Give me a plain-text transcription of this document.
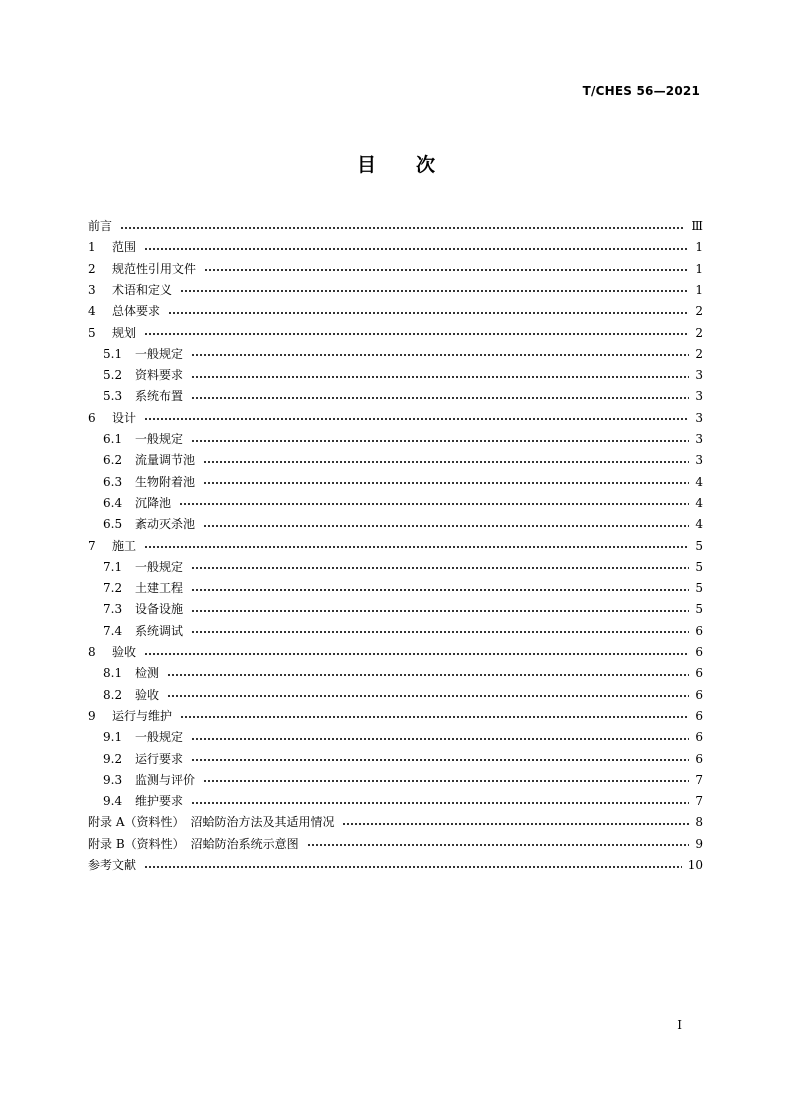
T/CHES 56—2021
目次
前言	Ⅲ
1 范围	1
2 规范性引用文件	1
3 术语和定义	1
4 总体要求	2
5 规划	2
5.1 一般规定	2
5.2 资料要求	3
5.3 系统布置	3
6 设计	3
6.1 一般规定	3
6.2 流量调节池	3
6.3 生物附着池	4
6.4 沉降池	4
6.5 紊动灭杀池	4
7 施工	5
7.1 一般规定	5
7.2 土建工程	5
7.3 设备设施	5
7.4 系统调试	6
8 验收	6
8.1 检测	6
8.2 验收	6
9 运行与维护	6
9.1 一般规定	6
9.2 运行要求	6
9.3 监测与评价	7
9.4 维护要求	7
附录 A（资料性）　沼蛤防治方法及其适用情况	8
附录 B（资料性）　沼蛤防治系统示意图	9
参考文献	10
I
